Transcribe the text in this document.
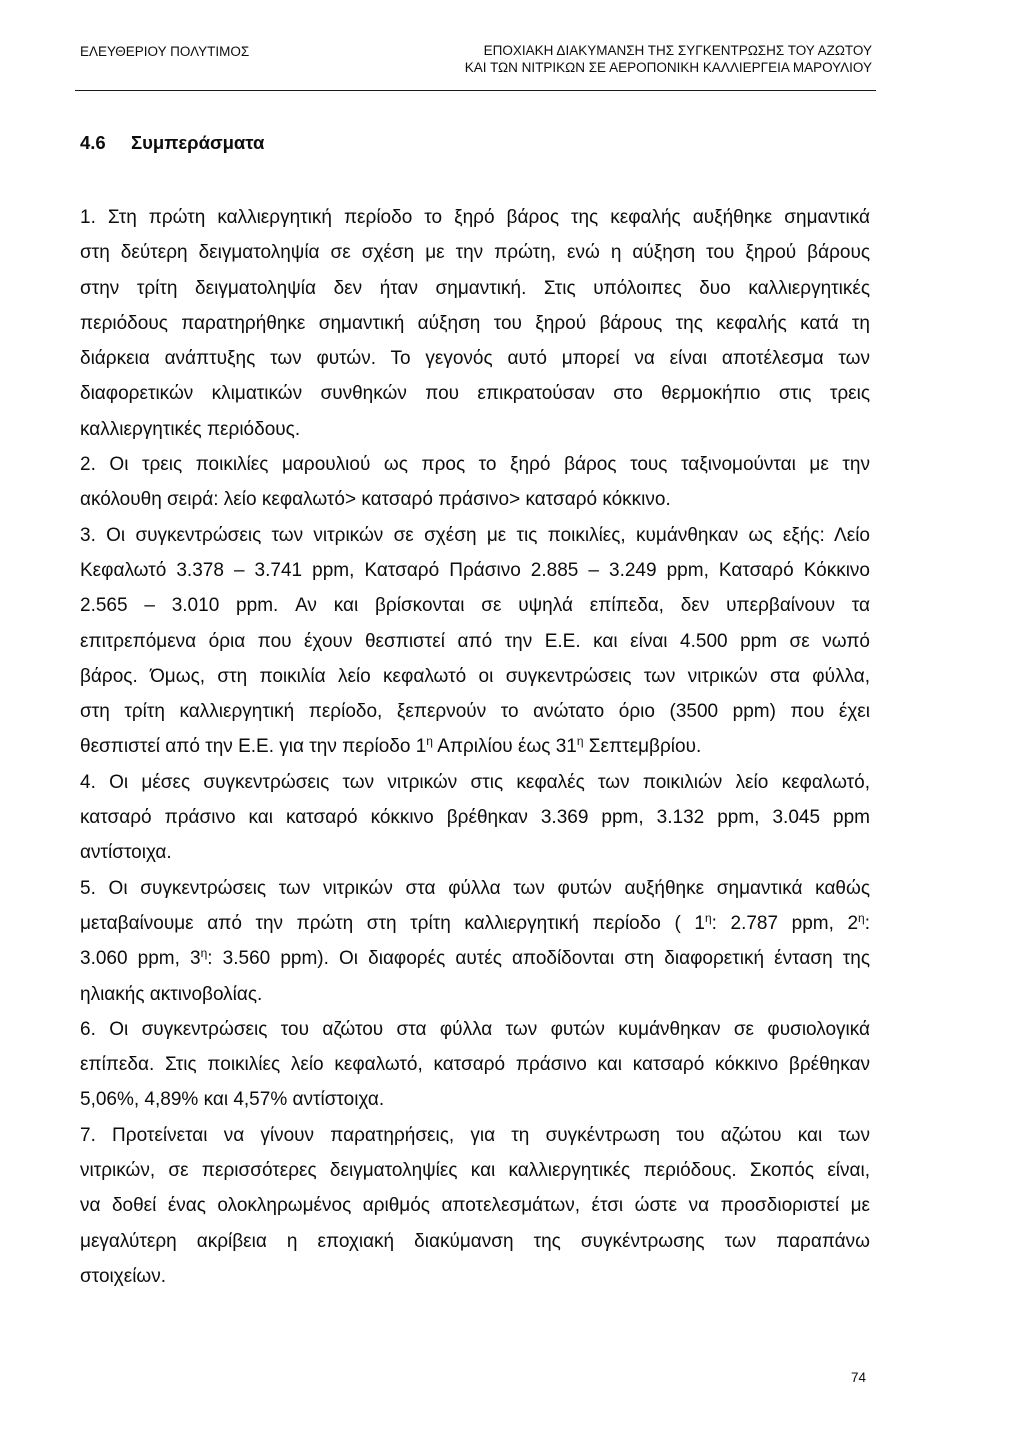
ΕΛΕΥΘΕΡΙΟΥ ΠΟΛΥΤΙΜΟΣ	ΕΠΟΧΙΑΚΗ ΔΙΑΚΥΜΑΝΣΗ ΤΗΣ ΣΥΓΚΕΝΤΡΩΣΗΣ ΤΟΥ ΑΖΩΤΟΥ
ΚΑΙ ΤΩΝ ΝΙΤΡΙΚΩΝ ΣΕ ΑΕΡΟΠΟΝΙΚΗ ΚΑΛΛΙΕΡΓΕΙΑ ΜΑΡΟΥΛΙΟΥ
4.6 Συμπεράσματα
1. Στη πρώτη καλλιεργητική περίοδο το ξηρό βάρος της κεφαλής αυξήθηκε σημαντικά
στη δεύτερη δειγματοληψία σε σχέση με την πρώτη, ενώ η αύξηση του ξηρού βάρους
στην τρίτη δειγματοληψία δεν ήταν σημαντική. Στις υπόλοιπες δυο καλλιεργητικές
περιόδους παρατηρήθηκε σημαντική αύξηση του ξηρού βάρους της κεφαλής κατά τη
διάρκεια ανάπτυξης των φυτών. Το γεγονός αυτό μπορεί να είναι αποτέλεσμα των
διαφορετικών κλιματικών συνθηκών που επικρατούσαν στο θερμοκήπιο στις τρεις
καλλιεργητικές περιόδους.
2. Οι τρεις ποικιλίες μαρουλιού ως προς το ξηρό βάρος τους ταξινομούνται με την
ακόλουθη σειρά: λείο κεφαλωτό> κατσαρό πράσινο> κατσαρό κόκκινο.
3. Οι συγκεντρώσεις των νιτρικών σε σχέση με τις ποικιλίες, κυμάνθηκαν ως εξής: Λείο
Κεφαλωτό 3.378 – 3.741 ppm, Κατσαρό Πράσινο 2.885 – 3.249 ppm, Κατσαρό Κόκκινο
2.565 – 3.010 ppm. Αν και βρίσκονται σε υψηλά επίπεδα, δεν υπερβαίνουν τα
επιτρεπόμενα όρια που έχουν θεσπιστεί από την Ε.Ε. και είναι 4.500 ppm σε νωπό
βάρος. Όμως, στη ποικιλία λείο κεφαλωτό οι συγκεντρώσεις των νιτρικών στα φύλλα,
στη τρίτη καλλιεργητική περίοδο, ξεπερνούν το ανώτατο όριο (3500 ppm) που έχει
θεσπιστεί από την Ε.Ε. για την περίοδο $1^\eta$ Απριλίου έως $31^\eta$ Σεπτεμβρίου.
4. Οι μέσες συγκεντρώσεις των νιτρικών στις κεφαλές των ποικιλιών λείο κεφαλωτό,
κατσαρό πράσινο και κατσαρό κόκκινο βρέθηκαν 3.369 ppm, 3.132 ppm, 3.045 ppm
αντίστοιχα.
5. Οι συγκεντρώσεις των νιτρικών στα φύλλα των φυτών αυξήθηκε σημαντικά καθώς
μεταβαίνουμε από την πρώτη στη τρίτη καλλιεργητική περίοδο ( $1^\eta$: 2.787 ppm, $2^\eta$:
3.060 ppm, $3^\eta$: 3.560 ppm). Οι διαφορές αυτές αποδίδονται στη διαφορετική ένταση της
ηλιακής ακτινοβολίας.
6. Οι συγκεντρώσεις του αζώτου στα φύλλα των φυτών κυμάνθηκαν σε φυσιολογικά
επίπεδα. Στις ποικιλίες λείο κεφαλωτό, κατσαρό πράσινο και κατσαρό κόκκινο βρέθηκαν
5,06%, 4,89% και 4,57% αντίστοιχα.
7. Προτείνεται να γίνουν παρατηρήσεις, για τη συγκέντρωση του αζώτου και των
νιτρικών, σε περισσότερες δειγματοληψίες και καλλιεργητικές περιόδους. Σκοπός είναι,
να δοθεί ένας ολοκληρωμένος αριθμός αποτελεσμάτων, έτσι ώστε να προσδιοριστεί με
μεγαλύτερη ακρίβεια η εποχιακή διακύμανση της συγκέντρωσης των παραπάνω
στοιχείων.
74
